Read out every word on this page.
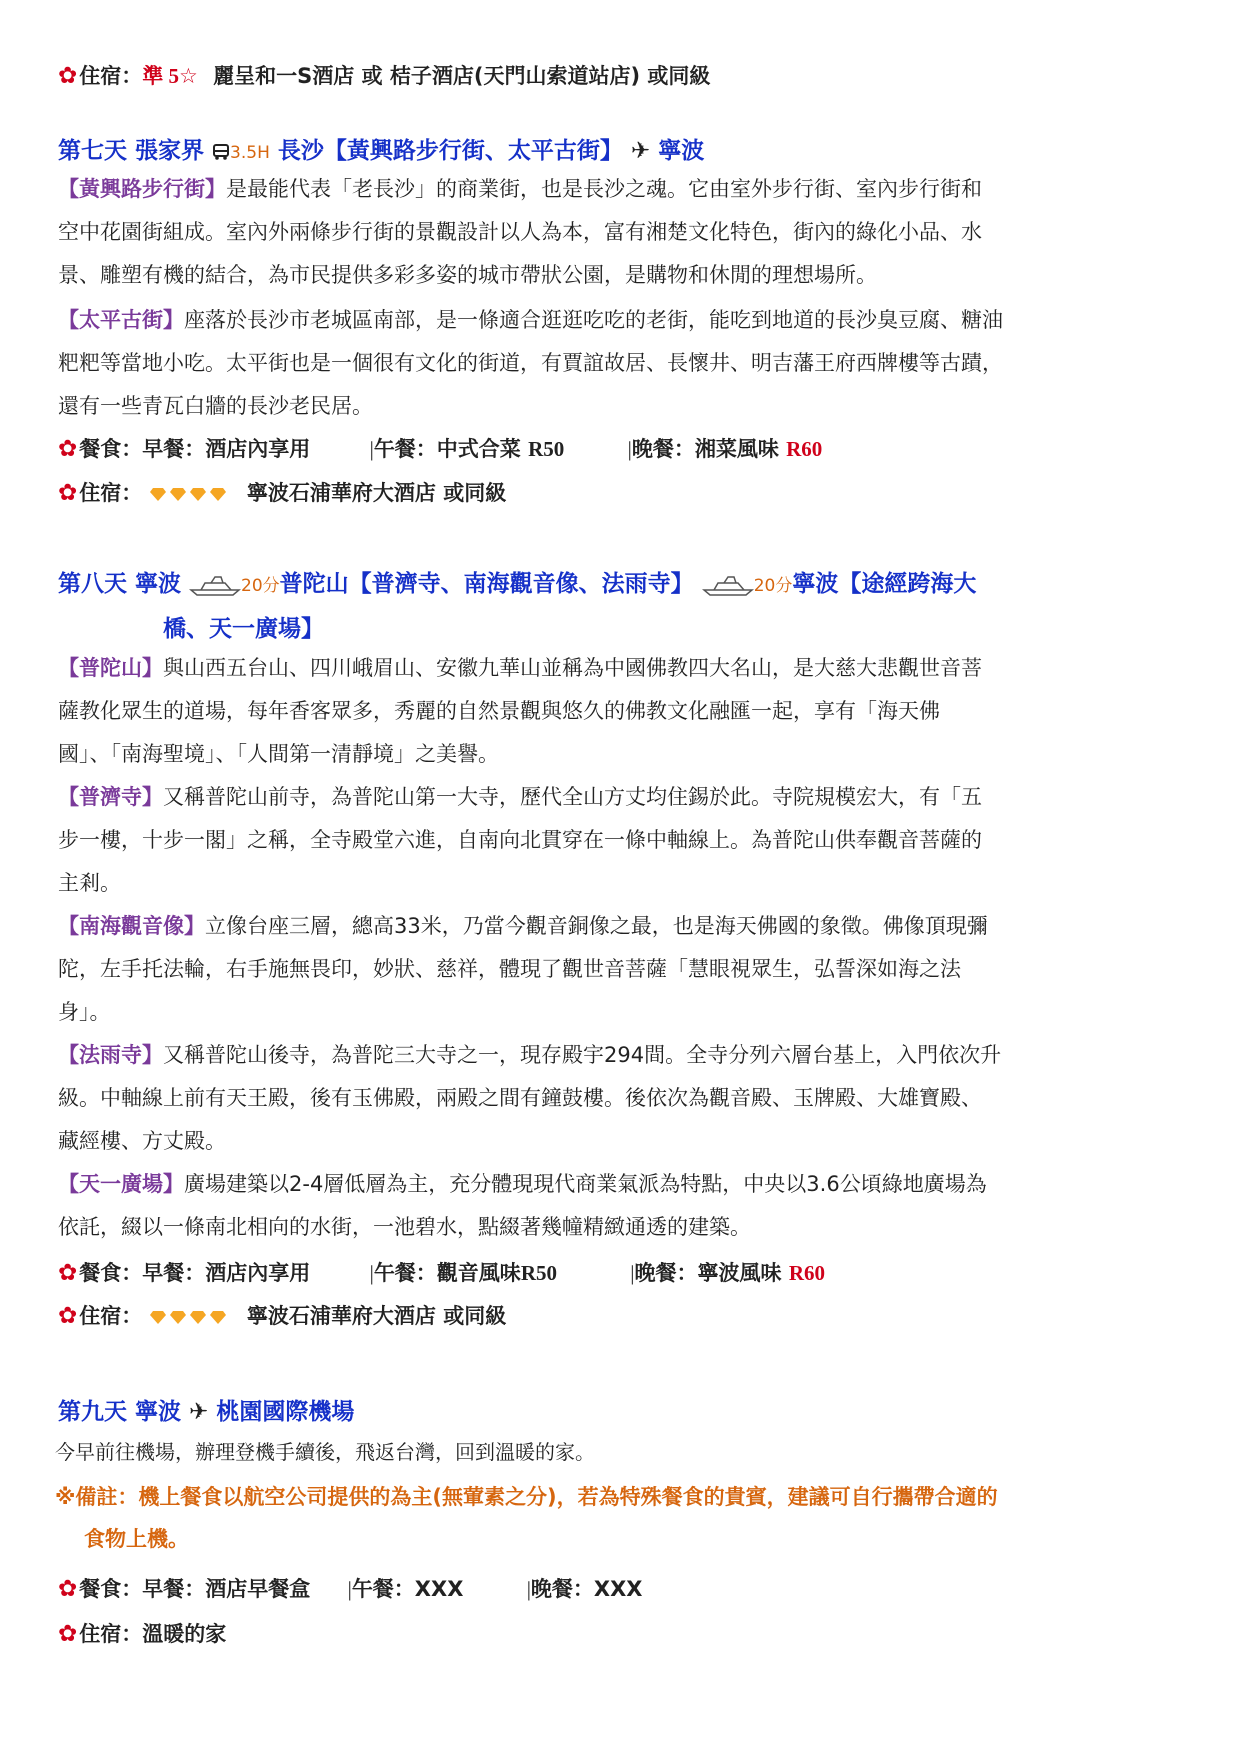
✿住宿：準 5☆ 麗呈和一S酒店 或 桔子酒店(天門山索道站店) 或同級
第七天 張家界 3.5H 長沙【黃興路步行街、太平古街】 ✈ 寧波

【黃興路步行街】是最能代表「老長沙」的商業街，也是長沙之魂。它由室外步行街、室內步行街和

空中花園街組成。室內外兩條步行街的景觀設計以人為本，富有湘楚文化特色，街內的綠化小品、水

景、雕塑有機的結合，為市民提供多彩多姿的城市帶狀公園，是購物和休閒的理想場所。

【太平古街】座落於長沙市老城區南部，是一條適合逛逛吃吃的老街，能吃到地道的長沙臭豆腐、糖油

粑粑等當地小吃。太平街也是一個很有文化的街道，有賈誼故居、長懷井、明吉藩王府西牌樓等古蹟，

還有一些青瓦白牆的長沙老民居。

✿餐食：早餐：酒店內享用	|午餐：中式合菜 R50	|晚餐：湘菜風味 R60
✿住宿：	寧波石浦華府大酒店 或同級
第八天 寧波	20分普陀山【普濟寺、南海觀音像、法雨寺】	20分寧波【途經跨海大
橋、天一廣場】

【普陀山】與山西五台山、四川峨眉山、安徽九華山並稱為中國佛教四大名山，是大慈大悲觀世音菩

薩教化眾生的道場，每年香客眾多，秀麗的自然景觀與悠久的佛教文化融匯一起，享有「海天佛

國」、「南海聖境」、「人間第一清靜境」之美譽。

【普濟寺】又稱普陀山前寺，為普陀山第一大寺，歷代全山方丈均住錫於此。寺院規模宏大，有「五

步一樓，十步一閣」之稱，全寺殿堂六進，自南向北貫穿在一條中軸線上。為普陀山供奉觀音菩薩的

主剎。

【南海觀音像】立像台座三層，總高33米，乃當今觀音銅像之最，也是海天佛國的象徵。佛像頂現彌

陀，左手托法輪，右手施無畏印，妙狀、慈祥，體現了觀世音菩薩「慧眼視眾生，弘誓深如海之法

身」。

【法雨寺】又稱普陀山後寺，為普陀三大寺之一，現存殿宇294間。全寺分列六層台基上，入門依次升

級。中軸線上前有天王殿，後有玉佛殿，兩殿之間有鐘鼓樓。後依次為觀音殿、玉牌殿、大雄寶殿、

藏經樓、方丈殿。

【天一廣場】廣場建築以2-4層低層為主，充分體現現代商業氣派為特點，中央以3.6公頃綠地廣場為

依託，綴以一條南北相向的水街，一池碧水，點綴著幾幢精緻通透的建築。

✿餐食：早餐：酒店內享用	|午餐：觀音風味R50	|晚餐：寧波風味 R60
✿住宿：	寧波石浦華府大酒店 或同級
第九天 寧波 ✈ 桃園國際機場
今早前往機場，辦理登機手續後，飛返台灣，回到溫暖的家。
※備註：機上餐食以航空公司提供的為主(無葷素之分)，若為特殊餐食的貴賓，建議可自行攜帶合適的
食物上機。
✿餐食：早餐：酒店早餐盒 |午餐：XXX	|晚餐：XXX
✿住宿：溫暖的家
